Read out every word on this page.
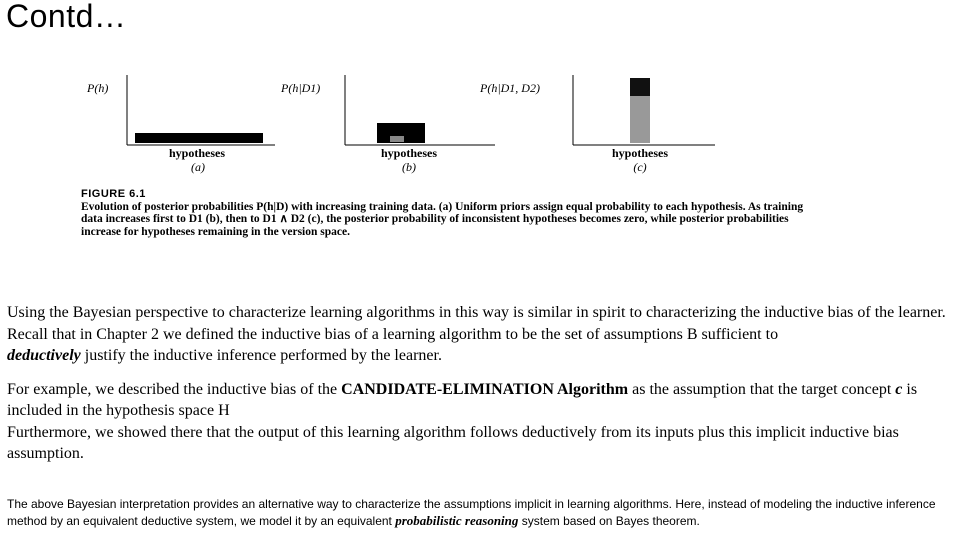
Contd…
P(h)	P(h|D1)	P(h|D1, D2)
hypotheses	hypotheses	hypotheses
(a)	(b)	(c)
FIGURE 6.1
Evolution of posterior probabilities P(h|D) with increasing training data. (a) Uniform priors assign equal probability to each hypothesis. As training data increases first to D1 (b), then to D1 ∧ D2 (c), the posterior probability of inconsistent hypotheses becomes zero, while posterior probabilities increase for hypotheses remaining in the version space.

Using the Bayesian perspective to characterize learning algorithms in this way is similar in spirit to characterizing the inductive bias of the learner.

Recall that in Chapter 2 we defined the inductive bias of a learning algorithm to be the set of assumptions B sufficient to
deductively justify the inductive inference performed by the learner.

For example, we described the inductive bias of the CANDIDATE-ELIMINATION Algorithm as the assumption that the target concept c is included in the hypothesis space H

Furthermore, we showed there that the output of this learning algorithm follows deductively from its inputs plus this implicit inductive bias assumption.

The above Bayesian interpretation provides an alternative way to characterize the assumptions implicit in learning algorithms. Here, instead of modeling the inductive inference method by an equivalent deductive system, we model it by an equivalent probabilistic reasoning system based on Bayes theorem.
